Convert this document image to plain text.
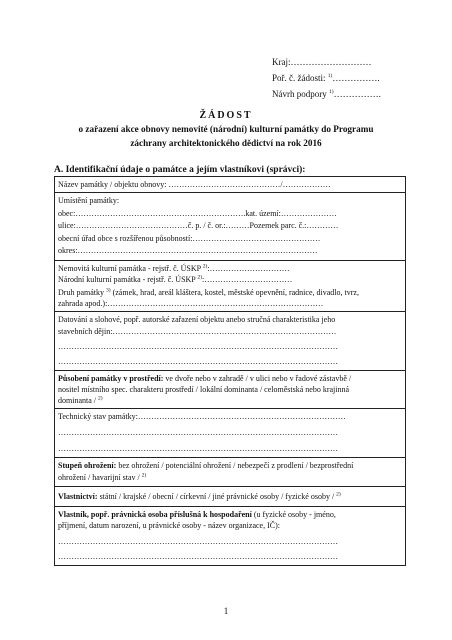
Kraj:………………………
Poř. č. žádosti: $^{1)}$…………….
Návrh podpory $^{1)}$…………….
ŽÁDOST
o zařazení akce obnovy nemovité (národní) kulturní památky do Programu
záchrany architektonického dědictví na rok 2016
A. Identifikační údaje o památce a jejím vlastníkovi (správci):
Název památky / objektu obnovy: ……………………………………/………………
Umístění památky:
obec:……………………………………………………….kat. území:…………………
ulice:……………………………………č. p. / č. or.:………Pozemek parc. č.:…………
obecní úřad obce s rozšířenou působností:…………………………………………
okres:………………………………………………………………………………
Nemovitá kulturní památka - rejstř. č. ÚSKP $^{2)}$:…………………………
Národní kulturní památka - rejstř. č. ÚSKP $^{2)}$:……………………………
Druh památky $^{3)}$ (zámek, hrad, areál kláštera, kostel, městské opevnění, radnice, divadlo, tvrz,
zahrada apod.):………………………………………………………………………
Datování a slohové, popř. autorské zařazení objektu anebo stručná charakteristika jeho
stavebních dějin:…………………………………………………………………………
……………………………………………………………………………………………
……………………………………………………………………………………………
Působení památky v prostředí: ve dvoře nebo v zahradě / v ulici nebo v řadové zástavbě /
nositel místního spec. charakteru prostředí / lokální dominanta / celoměstská nebo krajinná
dominanta / $^{2)}$
Technický stav památky:……………………………………………………………………
……………………………………………………………………………………………
……………………………………………………………………………………………
Stupeň ohrožení: bez ohrožení / potenciální ohrožení / nebezpečí z prodlení / bezprostřední
ohrožení / havarijní stav / $^{2)}$
Vlastnictví: státní / krajské / obecní / církevní / jiné právnické osoby / fyzické osoby / $^{2)}$
Vlastník, popř. právnická osoba příslušná k hospodaření (u fyzické osoby - jméno,
příjmení, datum narození, u právnické osoby - název organizace, IČ):
……………………………………………………………………………………………
……………………………………………………………………………………………
1
